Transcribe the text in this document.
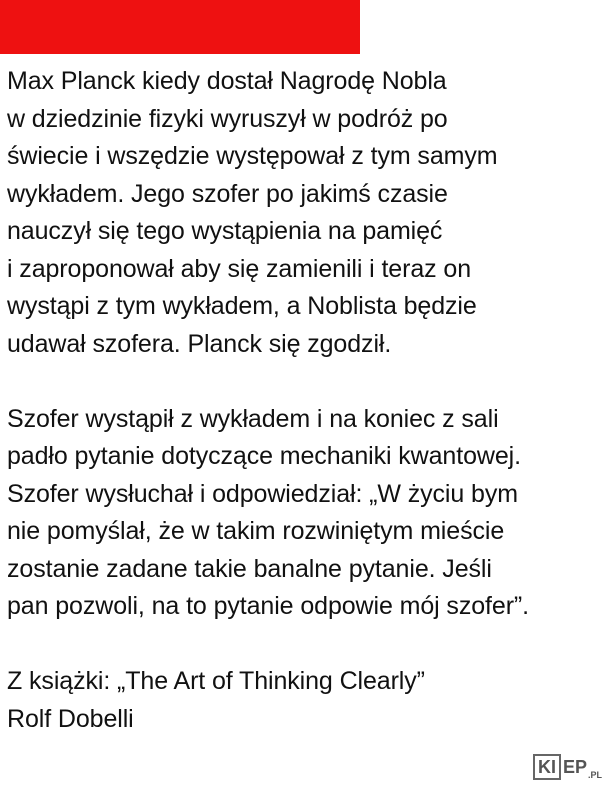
Max Planck kiedy dostał Nagrodę Nobla

w dziedzinie fizyki wyruszył w podróż po

świecie i wszędzie występował z tym samym

wykładem. Jego szofer po jakimś czasie

nauczył się tego wystąpienia na pamięć

i zaproponował aby się zamienili i teraz on

wystąpi z tym wykładem, a Noblista będzie

udawał szofera. Planck się zgodził.

Szofer wystąpił z wykładem i na koniec z sali

padło pytanie dotyczące mechaniki kwantowej.

Szofer wysłuchał i odpowiedział: „W życiu bym

nie pomyślał, że w takim rozwiniętym mieście

zostanie zadane takie banalne pytanie. Jeśli

pan pozwoli, na to pytanie odpowie mój szofer”.

Z książki: „The Art of Thinking Clearly”

Rolf Dobelli

KI EP .PL
